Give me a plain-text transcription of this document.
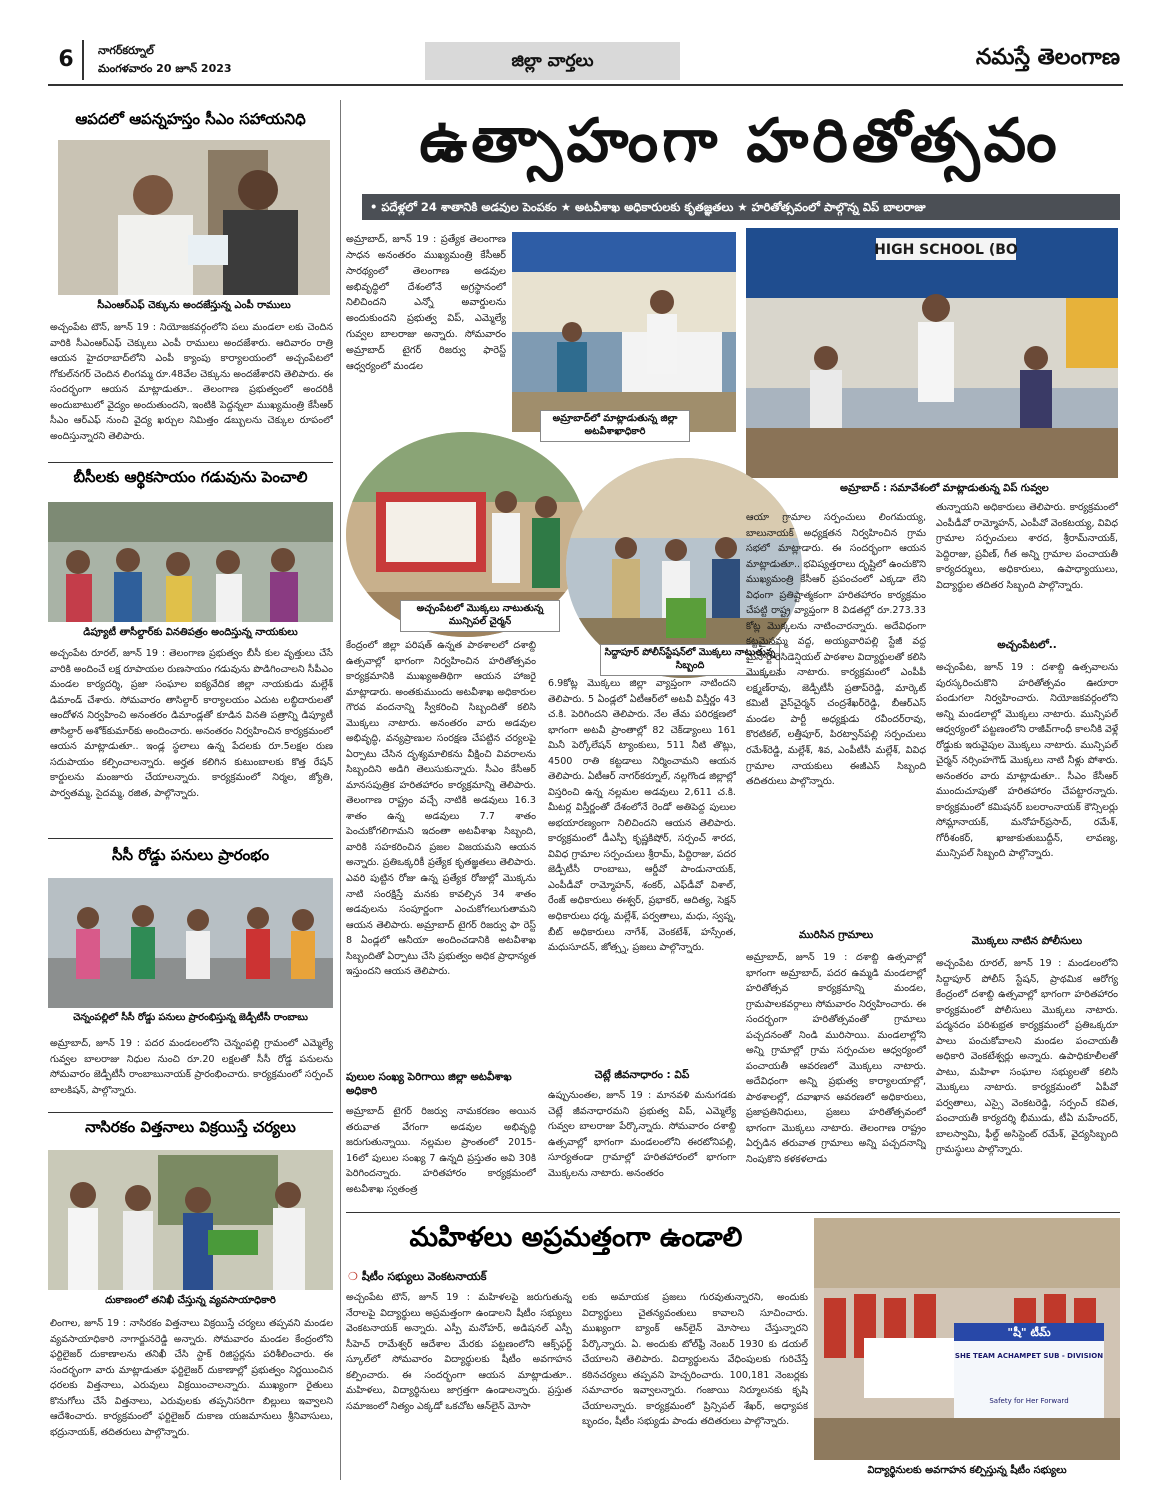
6	నాగర్‌కర్నూల్
మంగళవారం 20 జూన్ 2023	జిల్లా వార్తలు	నమస్తే తెలంగాణ
ఆపదలో ఆపన్నహస్తం సీఎం సహాయనిధి
సీఎంఆర్‌ఎఫ్ చెక్కును అందజేస్తున్న ఎంపీ రాములు
అచ్చంపేట టౌన్, జూన్ 19 : నియోజకవర్గంలోని పలు మండలా లకు చెందిన వారికి సీఎంఆర్‌ఎఫ్ చెక్కులు ఎంపీ రాములు అందజేశారు. ఆదివారం రాత్రి ఆయన హైదరాబాద్‌లోని ఎంపీ క్యాంపు కార్యాలయంలో అచ్చంపేటలో గోకుల్‌నగర్ చెందిన లింగమ్మ రూ.48వేల చెక్కును అందజేశారని తెలిపారు. ఈ సందర్భంగా ఆయన మాట్లాడుతూ.. తెలంగాణ ప్రభుత్వంలో అందరికీ అందుబాటులో వైద్యం అందుతుందని, ఇంటికి పెద్దన్నలా ముఖ్యమంత్రి కేసీఆర్ సీఎం ఆర్‌ఎఫ్ నుంచి వైద్య ఖర్చుల నిమిత్తం డబ్బులను చెక్కుల రూపంలో అందిస్తున్నారని తెలిపారు.
బీసీలకు ఆర్థికసాయం గడువును పెంచాలి
డిప్యూటీ తాసీల్దార్‌కు వినతిపత్రం అందిస్తున్న నాయకులు
అచ్చంపేట రూరల్, జూన్ 19 : తెలంగాణ ప్రభుత్వం బీసీ కుల వృత్తులు చేసే వారికి అందించే లక్ష రూపాయల రుణసాయం గడువును పొడిగించాలని సీపీఎం మండల కార్యదర్శి, ప్రజా సంఘాల ఐక్యవేదిక జిల్లా నాయకుడు మల్లేశ్ డిమాండ్ చేశారు. సోమవారం తాసిల్దార్ కార్యాలయం ఎదుట లబ్ధిదారులతో ఆందోళన నిర్వహించి అనంతరం డిమాండ్లతో కూడిన వినతి పత్రాన్ని డిప్యూటీ తాసిల్దార్ అశోక్‌కుమార్‌కు అందించారు. అనంతరం నిర్వహించిన కార్యక్రమంలో ఆయన మాట్లాడుతూ.. ఇండ్ల స్థలాలు ఉన్న పేదలకు రూ.5లక్షల రుణ సదుపాయం కల్పించాలన్నారు. అర్హత కలిగిన కుటుంబాలకు కొత్త రేషన్ కార్డులను మంజూరు చేయాలన్నారు. కార్యక్రమంలో నిర్మల, జ్యోతి, పార్వతమ్మ, సైదమ్మ, రజిత, పాల్గొన్నారు.
సీసీ రోడ్డు పనులు ప్రారంభం
చెన్నంపల్లిలో సీసీ రోడ్డు పనులు ప్రారంభిస్తున్న జెడ్పీటీసీ రాంబాబు
అమ్రాబాద్, జూన్ 19 : పదర మండలంలోని చెన్నంపల్లి గ్రామంలో ఎమ్మెల్యే గువ్వల బాలరాజు నిధుల నుంచి రూ.20 లక్షలతో సీసీ రోడ్డ పనులను సోమవారం జెడ్పీటీసీ రాంబాబునాయక్ ప్రారంభించారు. కార్యక్రమంలో సర్పంచ్ బాలకిషన్, పాల్గొన్నారు.
నాసిరకం విత్తనాలు విక్రయిస్తే చర్యలు
దుకాణంలో తనిఖీ చేస్తున్న వ్యవసాయాధికారి
లింగాల, జూన్ 19 : నాసిరకం విత్తనాలు విక్రయిస్తే చర్యలు తప్పవని మండల వ్యవసాయాధికారి నాగార్జునరెడ్డి అన్నారు. సోమవారం మండల కేంద్రంలోని ఫర్టిలైజర్ దుకాణాలను తనిఖీ చేసి స్టాక్ రిజిస్టర్లను పరిశీలించారు. ఈ సందర్భంగా వారు మాట్లాడుతూ ఫర్టిలైజర్ దుకాణాల్లో ప్రభుత్వం నిర్ణయించిన ధరలకు విత్తనాలు, ఎరువులు విక్రయించాలన్నారు. ముఖ్యంగా రైతులు కొనుగోలు చేసే విత్తనాలు, ఎరువులకు తప్పనిసరిగా బిల్లులు ఇవ్వాలని ఆదేశించారు. కార్యక్రమంలో ఫర్టిలైజర్ దుకాణ యజమానులు శ్రీనివాసులు, భద్రునాయక్, తదితరులు పాల్గొన్నారు.
ఉత్సాహంగా హరితోత్సవం
• పదేళ్లలో 24 శాతానికి అడవుల పెంపకం ★ అటవీశాఖ అధికారులకు కృతజ్ఞతలు ★ హరితోత్సవంలో పాల్గొన్న విప్ బాలరాజు
అమ్రాబాద్, జూన్ 19 : ప్రత్యేక తెలంగాణ సాధన అనంతరం ముఖ్యమంత్రి కేసీఆర్ సారథ్యంలో తెలంగాణ అడవుల అభివృద్ధిలో దేశంలోనే అగ్రస్థానంలో నిలిచిందని ఎన్నో అవార్డులను అందుకుందని ప్రభుత్వ విప్, ఎమ్మెల్యే గువ్వల బాలరాజు అన్నారు. సోమవారం అమ్రాబాద్ టైగర్ రిజర్వు ఫారెస్ట్ ఆధ్వర్యంలో మండల
అమ్రాబాద్‌లో మాట్లాడుతున్న జిల్లా అటవీశాఖాధికారి
HIGH SCHOOL (BO
అమ్రాబాద్ : సమావేశంలో మాట్లాడుతున్న విప్ గువ్వల
అచ్చంపేటలో మొక్కలు నాటుతున్న మున్సిపల్ చైర్మన్
సిద్దాపూర్ పోలీస్‌స్టేషన్‌లో మొక్కలు నాటుతున్న సిబ్బంది
కేంద్రంలో జిల్లా పరిషత్ ఉన్నత పాఠశాలలో దశాబ్ది ఉత్సవాల్లో భాగంగా నిర్వహించిన హరితోత్సవం కార్యక్రమానికి ముఖ్యఅతిథిగా ఆయన హాజరై మాట్లాడారు. అంతకుముందు అటవీశాఖ అధికారుల గౌరవ వందనాన్ని స్వీకరించి సిబ్బందితో కలిసి మొక్కలు నాటారు. అనంతరం వారు అడవుల అభివృద్ధి, వన్యప్రాణుల సంరక్షణ చేపట్టిన చర్యలపై ఏర్పాటు చేసిన దృశ్యమాలికను వీక్షించి వివరాలను సిబ్బందిని అడిగి తెలుసుకున్నారు. సీఎం కేసీఆర్ మానసపుత్రిక హరితహారం కార్యక్రమాన్ని తెలిపారు. తెలంగాణ రాష్ట్రం వచ్చే నాటికి అడవులు 16.3 శాతం ఉన్న అడవులు 7.7 శాతం పెంచుకోగలిగామని ఇదంతా అటవీశాఖ సిబ్బంది, వారికి సహకరించిన ప్రజల విజయమని ఆయన అన్నారు. ప్రతిఒక్కరికీ ప్రత్యేక కృతజ్ఞతలు తెలిపారు. ఎవరి పుట్టిన రోజు ఉన్న ప్రత్యేక రోజుల్లో మొక్కను నాటి సంరక్షిస్తే మనకు కావల్సిన 34 శాతం అడవులను సంపూర్ణంగా ఎంచుకోగలుగుతామని ఆయన తెలిపారు. అమ్రాబాద్ టైగర్ రిజర్వు ఫా రెస్ట్ 8 ఏండ్లలో ఆనీయా అందించడానికి అటవీశాఖ సిబ్బందితో ఏర్పాటు చేసి ప్రభుత్వం అధిక ప్రాధాన్యత ఇస్తుందని ఆయన తెలిపారు.
పులుల సంఖ్య పెరిగాయి జిల్లా అటవీశాఖ అధికారి
అమ్రాబాద్ టైగర్ రిజర్వు నామకరణం అయిన తరువాత వేగంగా అడవుల అభివృద్ధి జరుగుతున్నాయి. నల్లమల ప్రాంతంలో 2015-16లో పులుల సంఖ్య 7 ఉన్నది ప్రస్తుతం అవి 30కి పెరిగిందన్నారు. హరితహారం కార్యక్రమంలో అటవీశాఖ స్వతంత్ర
6.9కోట్ల మొక్కలు జిల్లా వ్యాప్తంగా నాటిందని తెలిపారు. 5 ఏండ్లలో ఏటీఆర్‌లో అటవీ విస్తీర్ణం 43 చ.కి. పెరిగిందని తెలిపారు. నేల తేమ పరిరక్షణలో భాగంగా అటవీ ప్రాంతాల్లో 82 చెక్‌డ్యాంలు 161 మినీ పెర్కోలేషన్ ట్యాంకులు, 511 నీటి తొట్లు, 4500 రాతి కట్టడాలు నిర్మించామని ఆయన తెలిపారు. ఏటీఆర్ నాగర్‌కర్నూల్, నల్లగొండ జిల్లాల్లో విస్తరించి ఉన్న నల్లమల అడవులు 2,611 చ.కి. మీటర్ల విస్తీర్ణంతో దేశంలోనే రెండో అతిపెద్ద పులుల అభయారణ్యంగా నిలిచిందని ఆయన తెలిపారు. కార్యక్రమంలో డీఎస్పీ కృష్ణకిషోర్, సర్పంచ్ శారద, వివిధ గ్రామాల సర్పంచులు శ్రీరామ్, పిద్దిరాజు, పదర జెడ్పీటీసీ రాంబాబు, ఆర్డీవో పాండునాయక్, ఎంపీడీవో రామ్మోహన్, శంకర్, ఎఫ్‌డీవో విశాల్, రేంజ్ అధికారులు ఈశ్వర్, ప్రభాకర్, ఆదిత్య, సెక్షన్ అధికారులు ధర్మ, మల్లేశ్, పర్వతాలు, మధు, స్వప్న, బీట్ అధికారులు నాగేశ్, వెంకటేశ్, హస్సేంత, మధుసూదన్, జోత్స్న, ప్రజలు పాల్గొన్నారు.
చెట్లే జీవనాధారం : విప్
ఉప్పునుంతల, జూన్ 19 : మానవళి మనుగడకు చెట్లే జీవనాధారమని ప్రభుత్వ విప్, ఎమ్మెల్యే గువ్వల బాలరాజు పేర్కొన్నారు. సోమవారం దశాబ్ది ఉత్సవాల్లో భాగంగా మండలంలోని ఈరటోనిపల్లి, సూర్యతండా గ్రామాల్లో హరితహారంలో భాగంగా మొక్కలను నాటారు. అనంతరం
ఆయా గ్రామాల సర్పంచులు లింగమయ్య, బాలునాయక్ అధ్యక్షతన నిర్వహించిన గ్రామ సభలో మాట్లాడారు. ఈ సందర్భంగా ఆయన మాట్లాడుతూ.. భవిష్యత్తరాలు దృష్టిలో ఉంచుకొని ముఖ్యమంత్రి కేసీఆర్ ప్రపంచంలో ఎక్కడా లేని విధంగా ప్రతిష్టాత్మకంగా హరితహారం కార్యక్రమం చేపట్టి రాష్ట్ర వ్యాప్తంగా 8 విడతల్లో రూ.273.33 కోట్ల మొక్కలను నాటించారన్నారు. అదేవిధంగా కట్టమైసమ్మ వద్ద, అయ్యవారిపల్లి స్టేజీ వద్ద మైనార్టీ రెసిడెన్షియల్ పాఠశాల విద్యార్థులతో కలిసి మొక్కలను నాటారు. కార్యక్రమంలో ఎంపీపీ లక్ష్మణ్‌రావు, జెడ్పీటీసీ ప్రతాప్‌రెడ్డి, మార్కెట్ కమిటీ వైస్‌చైర్మన్ చంద్రశేఖర్‌రెడ్డి, బీఆర్‌ఎస్ మండల పార్టీ అధ్యక్షుడు రవీందర్‌రావు, కొరటికల్, లత్తీపూర్, పిరట్వాన్‌పల్లి సర్పంచులు రమేశ్‌రెడ్డి, మల్లేశ్, శివ, ఎంపీటీసీ మల్లేశ్, వివిధ గ్రామాల నాయకులు ఈజీఎస్ సిబ్బంది తదితరులు పాల్గొన్నారు.
మురిసిన గ్రామాలు
అమ్రాబాద్, జూన్ 19 : దశాబ్ది ఉత్సవాల్లో భాగంగా అమ్రాబాద్, పదర ఉమ్మడి మండలాల్లో హరితోత్సవ కార్యక్రమాన్ని మండల, గ్రామపాలకవర్గాలు సోమవారం నిర్వహించారు. ఈ సందర్భంగా హరితోత్సవంతో గ్రామాలు పచ్చదనంతో నిండి మురిసాయి. మండలాల్లోని అన్ని గ్రామాల్లో గ్రామ సర్పంచుల ఆధ్వర్యంలో పంచాయతీ ఆవరణలో మొక్కలు నాటారు. అదేవిధంగా అన్ని ప్రభుత్వ కార్యాలయాల్లో, పాఠశాలల్లో, దవాఖాన ఆవరణలో అధికారులు, ప్రజాప్రతినిధులు, ప్రజలు హరితోత్సవంలో భాగంగా మొక్కలు నాటారు. తెలంగాణ రాష్ట్రం ఏర్పడిన తరువాత గ్రామాలు అన్ని పచ్చదనాన్ని నింపుకొని కళకళలాడు
తున్నాయని అధికారులు తెలిపారు. కార్యక్రమంలో ఎంపీడీవో రామ్మోహన్, ఎంపీవో వెంకటయ్య, వివిధ గ్రామాల సర్పంచులు శారద, శ్రీరామ్‌నాయక్, పెద్దిరాజు, ప్రవీణ్, గీత అన్ని గ్రామాల పంచాయతీ కార్యదర్శులు, అధికారులు, ఉపాధ్యాయులు, విద్యార్థుల తదితర సిబ్బంది పాల్గొన్నారు.
అచ్చంపేటలో..
అచ్చంపేట, జూన్ 19 : దశాబ్ది ఉత్సవాలను పురస్కరించుకొని హరితోత్సవం ఊరూరా పండుగలా నిర్వహించారు. నియోజకవర్గంలోని అన్ని మండలాల్లో మొక్కలు నాటారు. మున్సిపల్ ఆధ్వర్యంలో పట్టణంలోని రాజీవ్‌గాంధీ కాలనీకి వెళ్లే రోడ్డుకు ఇరువైపుల మొక్కలు నాటారు. మున్సిపల్ చైర్మన్ నర్సింహగౌడ్ మొక్కలు నాటి నీళ్లు పోశారు. అనంతరం వారు మాట్లాడుతూ.. సీఎం కేసీఆర్ ముందుచూపుతో హరితహారం చేపట్టారన్నారు. కార్యక్రమంలో కమిషనర్ బలరాంనాయక్ కౌన్సిలర్లు సోమ్లానాయక్, మనోహర్‌ప్రసాద్, రమేశ్, గోరీశంకర్, ఖాజాకుతుబుద్దీన్, లావణ్య, మున్సిపల్ సిబ్బంది పాల్గొన్నారు.
మొక్కలు నాటిన పోలీసులు
అచ్చంపేట రూరల్, జూన్ 19 : మండలంలోని సిద్దాపూర్ పోలీస్ స్టేషన్, ప్రాథమిక ఆరోగ్య కేంద్రంలో దశాబ్ది ఉత్సవాల్లో భాగంగా హరితహారం కార్యక్రమంలో పోలీసులు మొక్కలు నాటారు. పద్మనదం పరిశుభ్రత కార్యక్రమంలో ప్రతిఒక్కరూ పాలు పంచుకోవాలని మండల పంచాయతీ అధికారి వెంకటేశ్వర్లు అన్నారు. ఉపాధికూలీలతో పాటు, మహిళా సంఘాల సభ్యులతో కలిసి మొక్కలు నాటారు. కార్యక్రమంలో ఏపీవో పర్వతాలు, ఎస్సై వెంకటరెడ్డి, సర్పంచ్ కవిత, పంచాయతీ కార్యదర్శి భీముడు, టీఏ మహేందర్, బాలస్వామి, ఫీల్డ్ అసిస్టెంట్ రమేశ్, వైద్యసిబ్బంది గ్రామస్థులు పాల్గొన్నారు.
మహిళలు అప్రమత్తంగా ఉండాలి
❍ షీటీం సభ్యులు వెంకటనాయక్
అచ్చంపేట టౌన్, జూన్ 19 : మహిళలపై జరుగుతున్న నేరాలపై విద్యార్థులు అప్రమత్తంగా ఉండాలని షీటీం సభ్యులు వెంకటనాయక్ అన్నారు. ఎస్పీ మనోహర్, అడిషనల్ ఎస్పీ సీహెచ్ రామేశ్వర్ ఆదేశాల మేరకు పట్టణంలోని ఆక్స్‌ఫర్డ్ స్కూల్‌లో సోమవారం విద్యార్థులకు షీటీం అవగాహన కల్పించారు. ఈ సందర్భంగా ఆయన మాట్లాడుతూ.. మహిళలు, విద్యార్థినులు జాగ్రత్తగా ఉండాలన్నారు. ప్రస్తుత సమాజంలో నిత్యం ఎక్కడో ఒకచోట ఆన్‌లైన్ మోసా
లకు అమాయక ప్రజలు గురవుతున్నారని, అందుకు విద్యార్థులు చైతన్యవంతులు కావాలని సూచించారు. ముఖ్యంగా బ్యాంక్ ఆన్‌లైన్ మోసాలు చేస్తున్నారని పేర్కొన్నారు. ఏ. అందుకు టోల్‌ఫ్రీ నెంబర్ 1930 కు డయల్ చేయాలని తెలిపారు. విద్యార్థులను వేధింపులకు గురిచేస్తే కఠినచర్యలు తప్పవని హెచ్చరించారు. 100,181 నెంబర్లకు సమాచారం ఇవ్వాలన్నారు. గంజాయి నిర్మూలనకు కృషి చేయాలన్నారు. కార్యక్రమంలో ప్రిన్సిపల్ శేఖర్, అధ్యాపక బృందం, షీటీం సభ్యుడు పాండు తదితరులు పాల్గొన్నారు.
"షీ" టీమ్
SHE TEAM ACHAMPET SUB - DIVISION
Safety for Her Forward
విద్యార్థినులకు అవగాహన కల్పిస్తున్న షీటీం సభ్యులు
